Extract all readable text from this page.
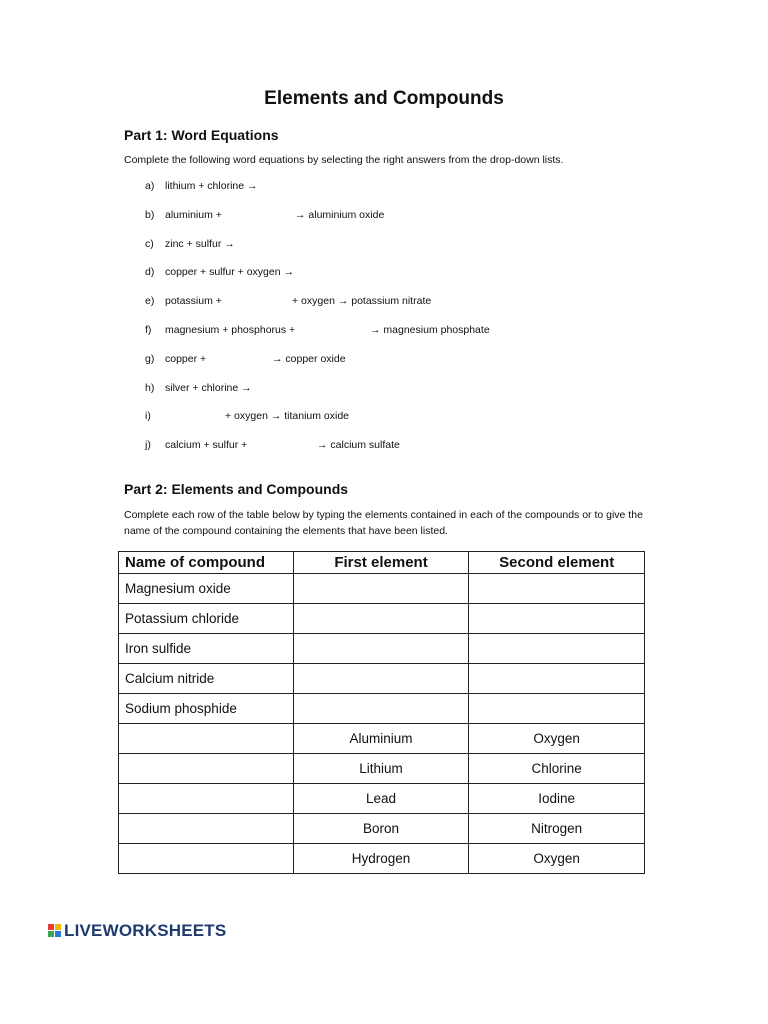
Elements and Compounds
Part 1: Word Equations
Complete the following word equations by selecting the right answers from the drop-down lists.
a) lithium + chlorine →
b) aluminium +	→ aluminium oxide
c) zinc + sulfur →
d) copper + sulfur + oxygen →
e) potassium +	+ oxygen → potassium nitrate
f) magnesium + phosphorus +	→ magnesium phosphate
g) copper +	→ copper oxide
h) silver + chlorine →
i)	+ oxygen → titanium oxide
j) calcium + sulfur +	→ calcium sulfate
Part 2: Elements and Compounds
Complete each row of the table below by typing the elements contained in each of the compounds or to give the name of the compound containing the elements that have been listed.
Name of compound	First element	Second element
Magnesium oxide		
Potassium chloride		
Iron sulfide		
Calcium nitride		
Sodium phosphide		
	Aluminium	Oxygen
	Lithium	Chlorine
	Lead	Iodine
	Boron	Nitrogen
	Hydrogen	Oxygen
LIVEWORKSHEETS
